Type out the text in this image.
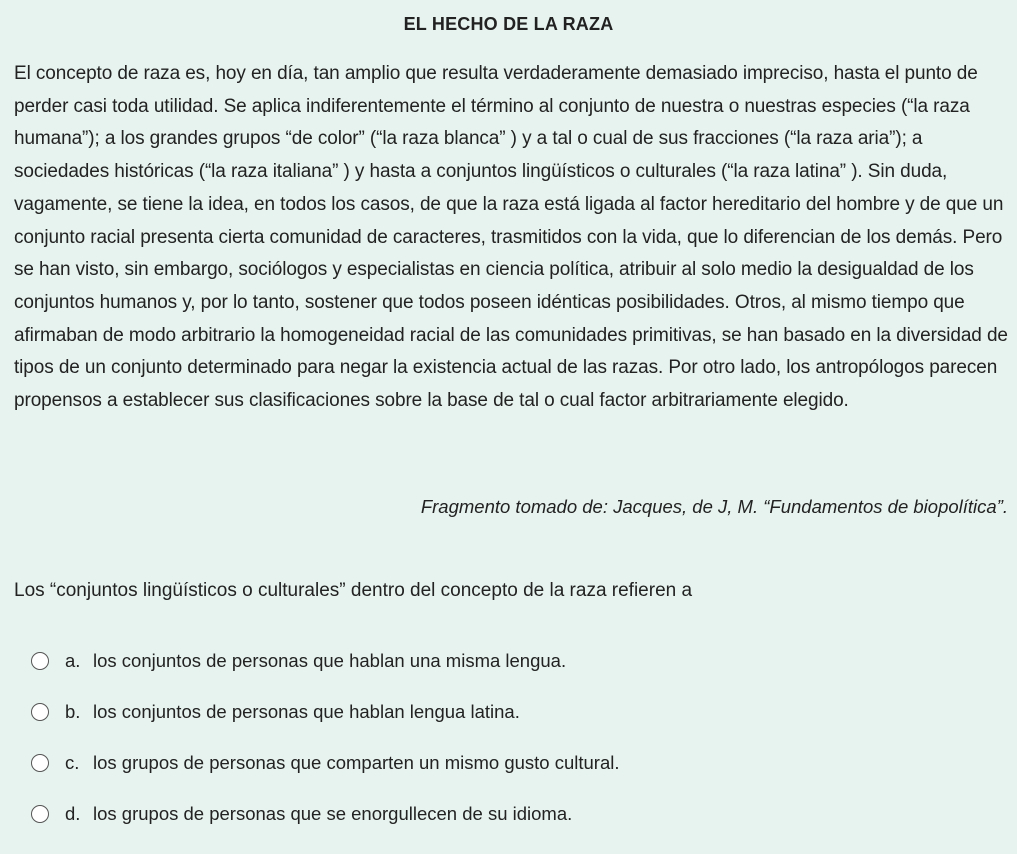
EL HECHO DE LA RAZA

El concepto de raza es, hoy en día, tan amplio que resulta verdaderamente demasiado impreciso, hasta el punto de perder casi toda utilidad. Se aplica indiferentemente el término al conjunto de nuestra o nuestras especies (“la raza humana”); a los grandes grupos “de color” (“la raza blanca” ) y a tal o cual de sus fracciones (“la raza aria”); a sociedades históricas (“la raza italiana” ) y hasta a conjuntos lingüísticos o culturales (“la raza latina” ). Sin duda, vagamente, se tiene la idea, en todos los casos, de que la raza está ligada al factor hereditario del hombre y de que un conjunto racial presenta cierta comunidad de caracteres, trasmitidos con la vida, que lo diferencian de los demás. Pero se han visto, sin embargo, sociólogos y especialistas en ciencia política, atribuir al solo medio la desigualdad de los conjuntos humanos y, por lo tanto, sostener que todos poseen idénticas posibilidades. Otros, al mismo tiempo que afirmaban de modo arbitrario la homogeneidad racial de las comunidades primitivas, se han basado en la diversidad de tipos de un conjunto determinado para negar la existencia actual de las razas. Por otro lado, los antropólogos parecen propensos a establecer sus clasificaciones sobre la base de tal o cual factor arbitrariamente elegido.

Fragmento tomado de: Jacques, de J, M. “Fundamentos de biopolítica”.

Los “conjuntos lingüísticos o culturales” dentro del concepto de la raza refieren a

a. los conjuntos de personas que hablan una misma lengua.
b. los conjuntos de personas que hablan lengua latina.
c. los grupos de personas que comparten un mismo gusto cultural.
d. los grupos de personas que se enorgullecen de su idioma.
